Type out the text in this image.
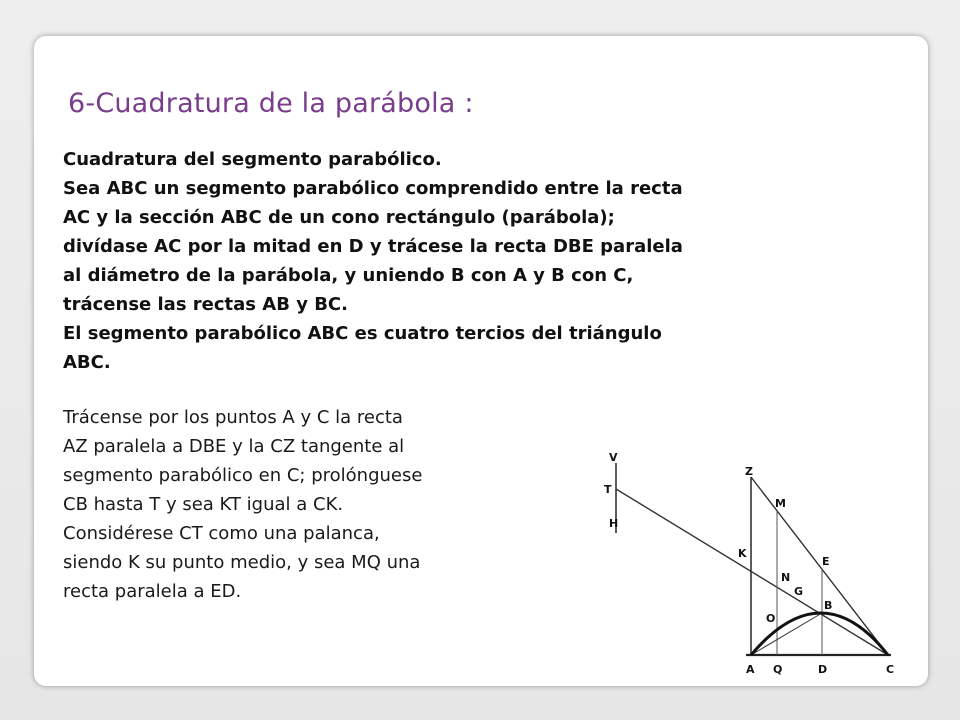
6-Cuadratura de la parábola :
Cuadratura del segmento parabólico.
Sea ABC un segmento parabólico comprendido entre la recta
AC y la sección ABC de un cono rectángulo (parábola);
divídase AC por la mitad en D y trácese la recta DBE paralela
al diámetro de la parábola, y uniendo B con A y B con C,
trácense las rectas AB y BC.
El segmento parabólico ABC es cuatro tercios del triángulo
ABC.
Trácense por los puntos A y C la recta
AZ paralela a DBE y la CZ tangente al
segmento parabólico en C; prolónguese
CB hasta T y sea KT igual a CK.
Considérese CT como una palanca,
siendo K su punto medio, y sea MQ una
recta paralela a ED.
V
T
H
Z
M
E
K
N
G
O
B
A Q	D	C
